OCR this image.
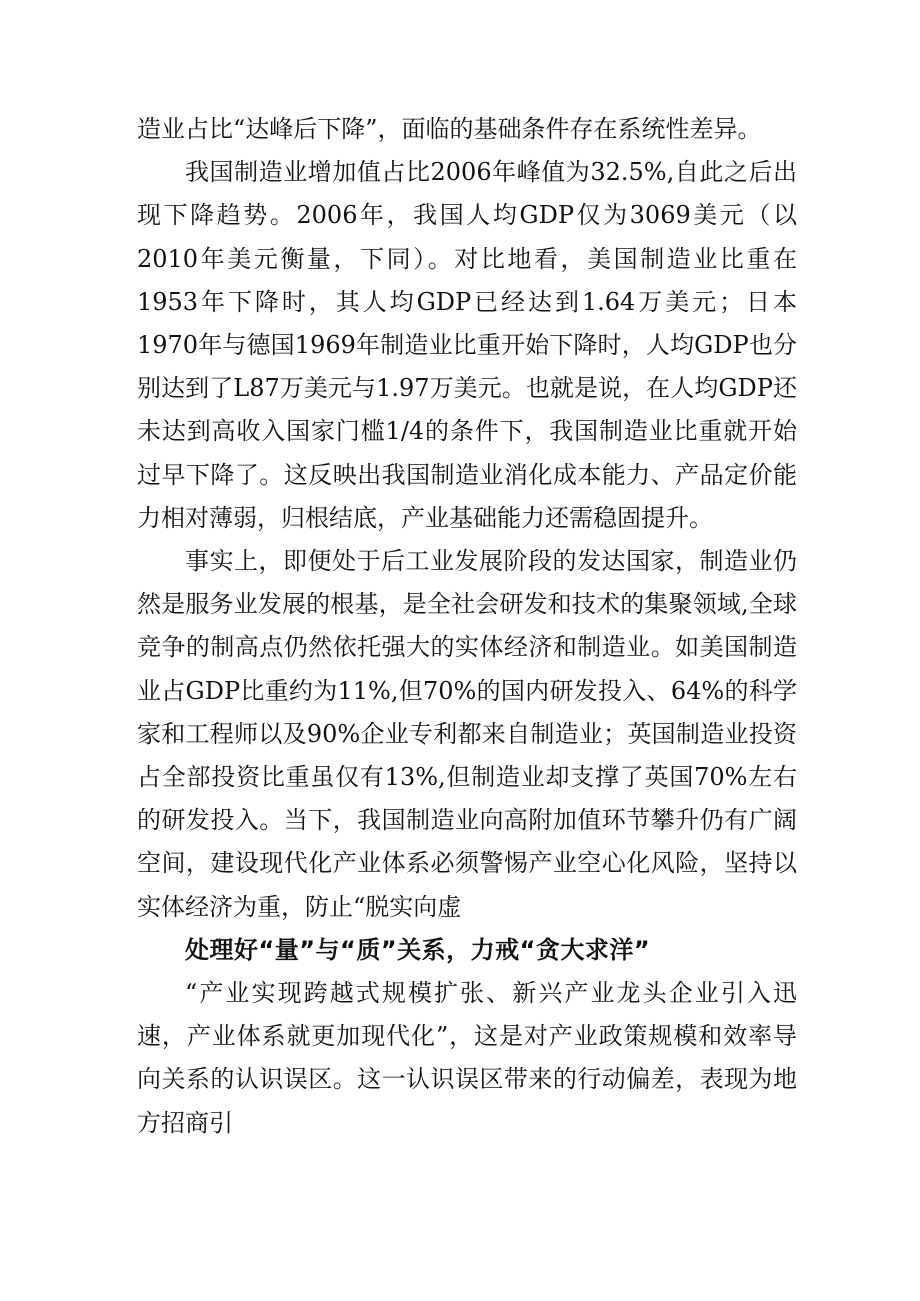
造业占比“达峰后下降”，面临的基础条件存在系统性差异。

我国制造业增加值占比2006年峰值为32.5%,自此之后出现下降趋势。2006年，我国人均GDP仅为3069美元（以2010年美元衡量，下同）。对比地看，美国制造业比重在1953年下降时，其人均GDP已经达到1.64万美元；日本1970年与德国1969年制造业比重开始下降时，人均GDP也分别达到了L87万美元与1.97万美元。也就是说，在人均GDP还未达到高收入国家门槛1/4的条件下，我国制造业比重就开始过早下降了。这反映出我国制造业消化成本能力、产品定价能力相对薄弱，归根结底，产业基础能力还需稳固提升。

事实上，即便处于后工业发展阶段的发达国家，制造业仍然是服务业发展的根基，是全社会研发和技术的集聚领域,全球竞争的制高点仍然依托强大的实体经济和制造业。如美国制造业占GDP比重约为11%,但70%的国内研发投入、64%的科学家和工程师以及90%企业专利都来自制造业；英国制造业投资占全部投资比重虽仅有13%,但制造业却支撑了英国70%左右的研发投入。当下，我国制造业向高附加值环节攀升仍有广阔空间，建设现代化产业体系必须警惕产业空心化风险，坚持以实体经济为重，防止“脱实向虚

处理好“量”与“质”关系，力戒“贪大求洋”

“产业实现跨越式规模扩张、新兴产业龙头企业引入迅速，产业体系就更加现代化”，这是对产业政策规模和效率导向关系的认识误区。这一认识误区带来的行动偏差，表现为地方招商引
